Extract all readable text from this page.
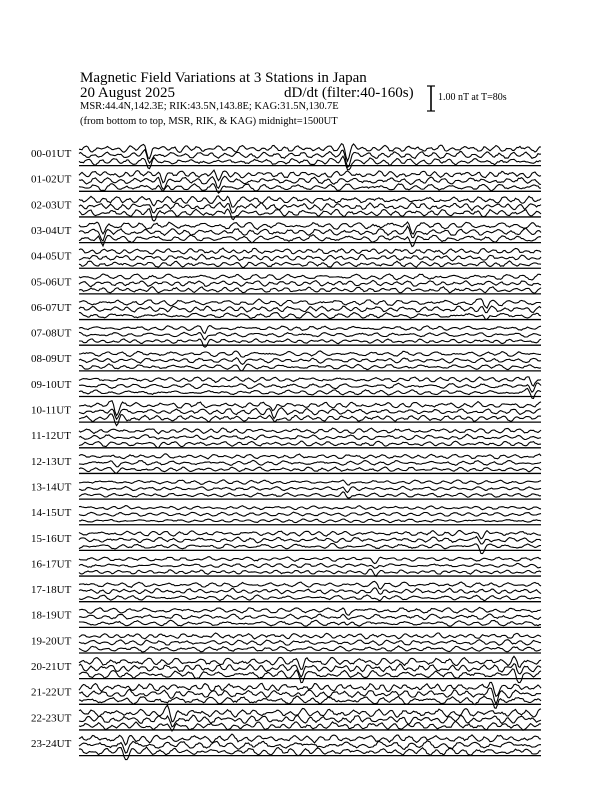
Magnetic Field Variations at 3 Stations in Japan
20 August 2025	dD/dt (filter:40-160s)
MSR:44.4N,142.3E; RIK:43.5N,143.8E; KAG:31.5N,130.7E
(from bottom to top, MSR, RIK, & KAG) midnight=1500UT
1.00 nT at T=80s
00-01UT
01-02UT
02-03UT
03-04UT
04-05UT
05-06UT
06-07UT
07-08UT
08-09UT
09-10UT
10-11UT
11-12UT
12-13UT
13-14UT
14-15UT
15-16UT
16-17UT
17-18UT
18-19UT
19-20UT
20-21UT
21-22UT
22-23UT
23-24UT
